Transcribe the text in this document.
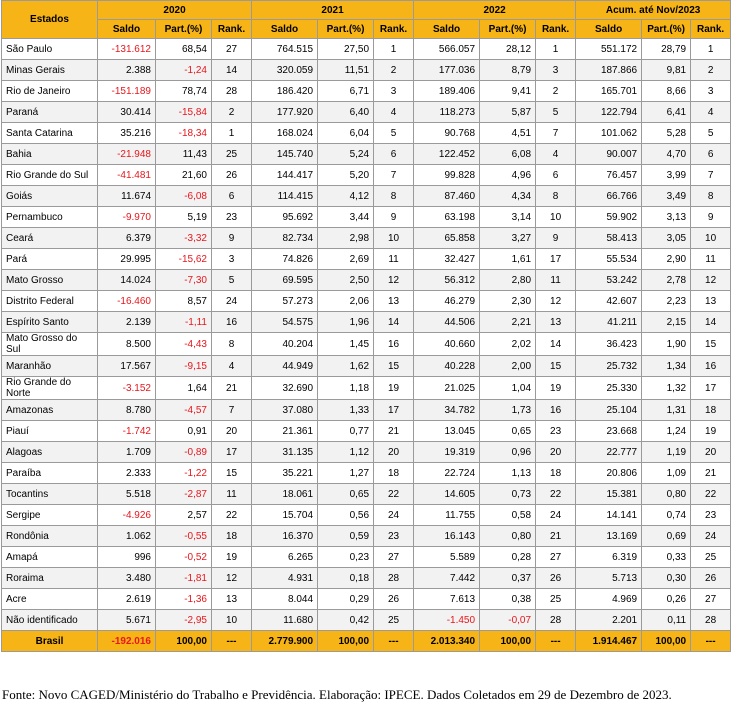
Estados	2020			2021			2022			Acum. até Nov/2023		
	Saldo	Part.(%)	Rank.	Saldo	Part.(%)	Rank.	Saldo	Part.(%)	Rank.	Saldo	Part.(%)	Rank.
São Paulo	-131.612	68,54	27	764.515	27,50	1	566.057	28,12	1	551.172	28,79	1
Minas Gerais	2.388	-1,24	14	320.059	11,51	2	177.036	8,79	3	187.866	9,81	2
Rio de Janeiro	-151.189	78,74	28	186.420	6,71	3	189.406	9,41	2	165.701	8,66	3
Paraná	30.414	-15,84	2	177.920	6,40	4	118.273	5,87	5	122.794	6,41	4
Santa Catarina	35.216	-18,34	1	168.024	6,04	5	90.768	4,51	7	101.062	5,28	5
Bahia	-21.948	11,43	25	145.740	5,24	6	122.452	6,08	4	90.007	4,70	6
Rio Grande do Sul	-41.481	21,60	26	144.417	5,20	7	99.828	4,96	6	76.457	3,99	7
Goiás	11.674	-6,08	6	114.415	4,12	8	87.460	4,34	8	66.766	3,49	8
Pernambuco	-9.970	5,19	23	95.692	3,44	9	63.198	3,14	10	59.902	3,13	9
Ceará	6.379	-3,32	9	82.734	2,98	10	65.858	3,27	9	58.413	3,05	10
Pará	29.995	-15,62	3	74.826	2,69	11	32.427	1,61	17	55.534	2,90	11
Mato Grosso	14.024	-7,30	5	69.595	2,50	12	56.312	2,80	11	53.242	2,78	12
Distrito Federal	-16.460	8,57	24	57.273	2,06	13	46.279	2,30	12	42.607	2,23	13
Espírito Santo	2.139	-1,11	16	54.575	1,96	14	44.506	2,21	13	41.211	2,15	14
Mato Grosso do Sul	8.500	-4,43	8	40.204	1,45	16	40.660	2,02	14	36.423	1,90	15
Maranhão	17.567	-9,15	4	44.949	1,62	15	40.228	2,00	15	25.732	1,34	16
Rio Grande do Norte	-3.152	1,64	21	32.690	1,18	19	21.025	1,04	19	25.330	1,32	17
Amazonas	8.780	-4,57	7	37.080	1,33	17	34.782	1,73	16	25.104	1,31	18
Piauí	-1.742	0,91	20	21.361	0,77	21	13.045	0,65	23	23.668	1,24	19
Alagoas	1.709	-0,89	17	31.135	1,12	20	19.319	0,96	20	22.777	1,19	20
Paraíba	2.333	-1,22	15	35.221	1,27	18	22.724	1,13	18	20.806	1,09	21
Tocantins	5.518	-2,87	11	18.061	0,65	22	14.605	0,73	22	15.381	0,80	22
Sergipe	-4.926	2,57	22	15.704	0,56	24	11.755	0,58	24	14.141	0,74	23
Rondônia	1.062	-0,55	18	16.370	0,59	23	16.143	0,80	21	13.169	0,69	24
Amapá	996	-0,52	19	6.265	0,23	27	5.589	0,28	27	6.319	0,33	25
Roraima	3.480	-1,81	12	4.931	0,18	28	7.442	0,37	26	5.713	0,30	26
Acre	2.619	-1,36	13	8.044	0,29	26	7.613	0,38	25	4.969	0,26	27
Não identificado	5.671	-2,95	10	11.680	0,42	25	-1.450	-0,07	28	2.201	0,11	28
Brasil	-192.016	100,00	---	2.779.900	100,00	---	2.013.340	100,00	---	1.914.467	100,00	---
Fonte: Novo CAGED/Ministério do Trabalho e Previdência. Elaboração: IPECE. Dados Coletados em 29 de Dezembro de 2023.
